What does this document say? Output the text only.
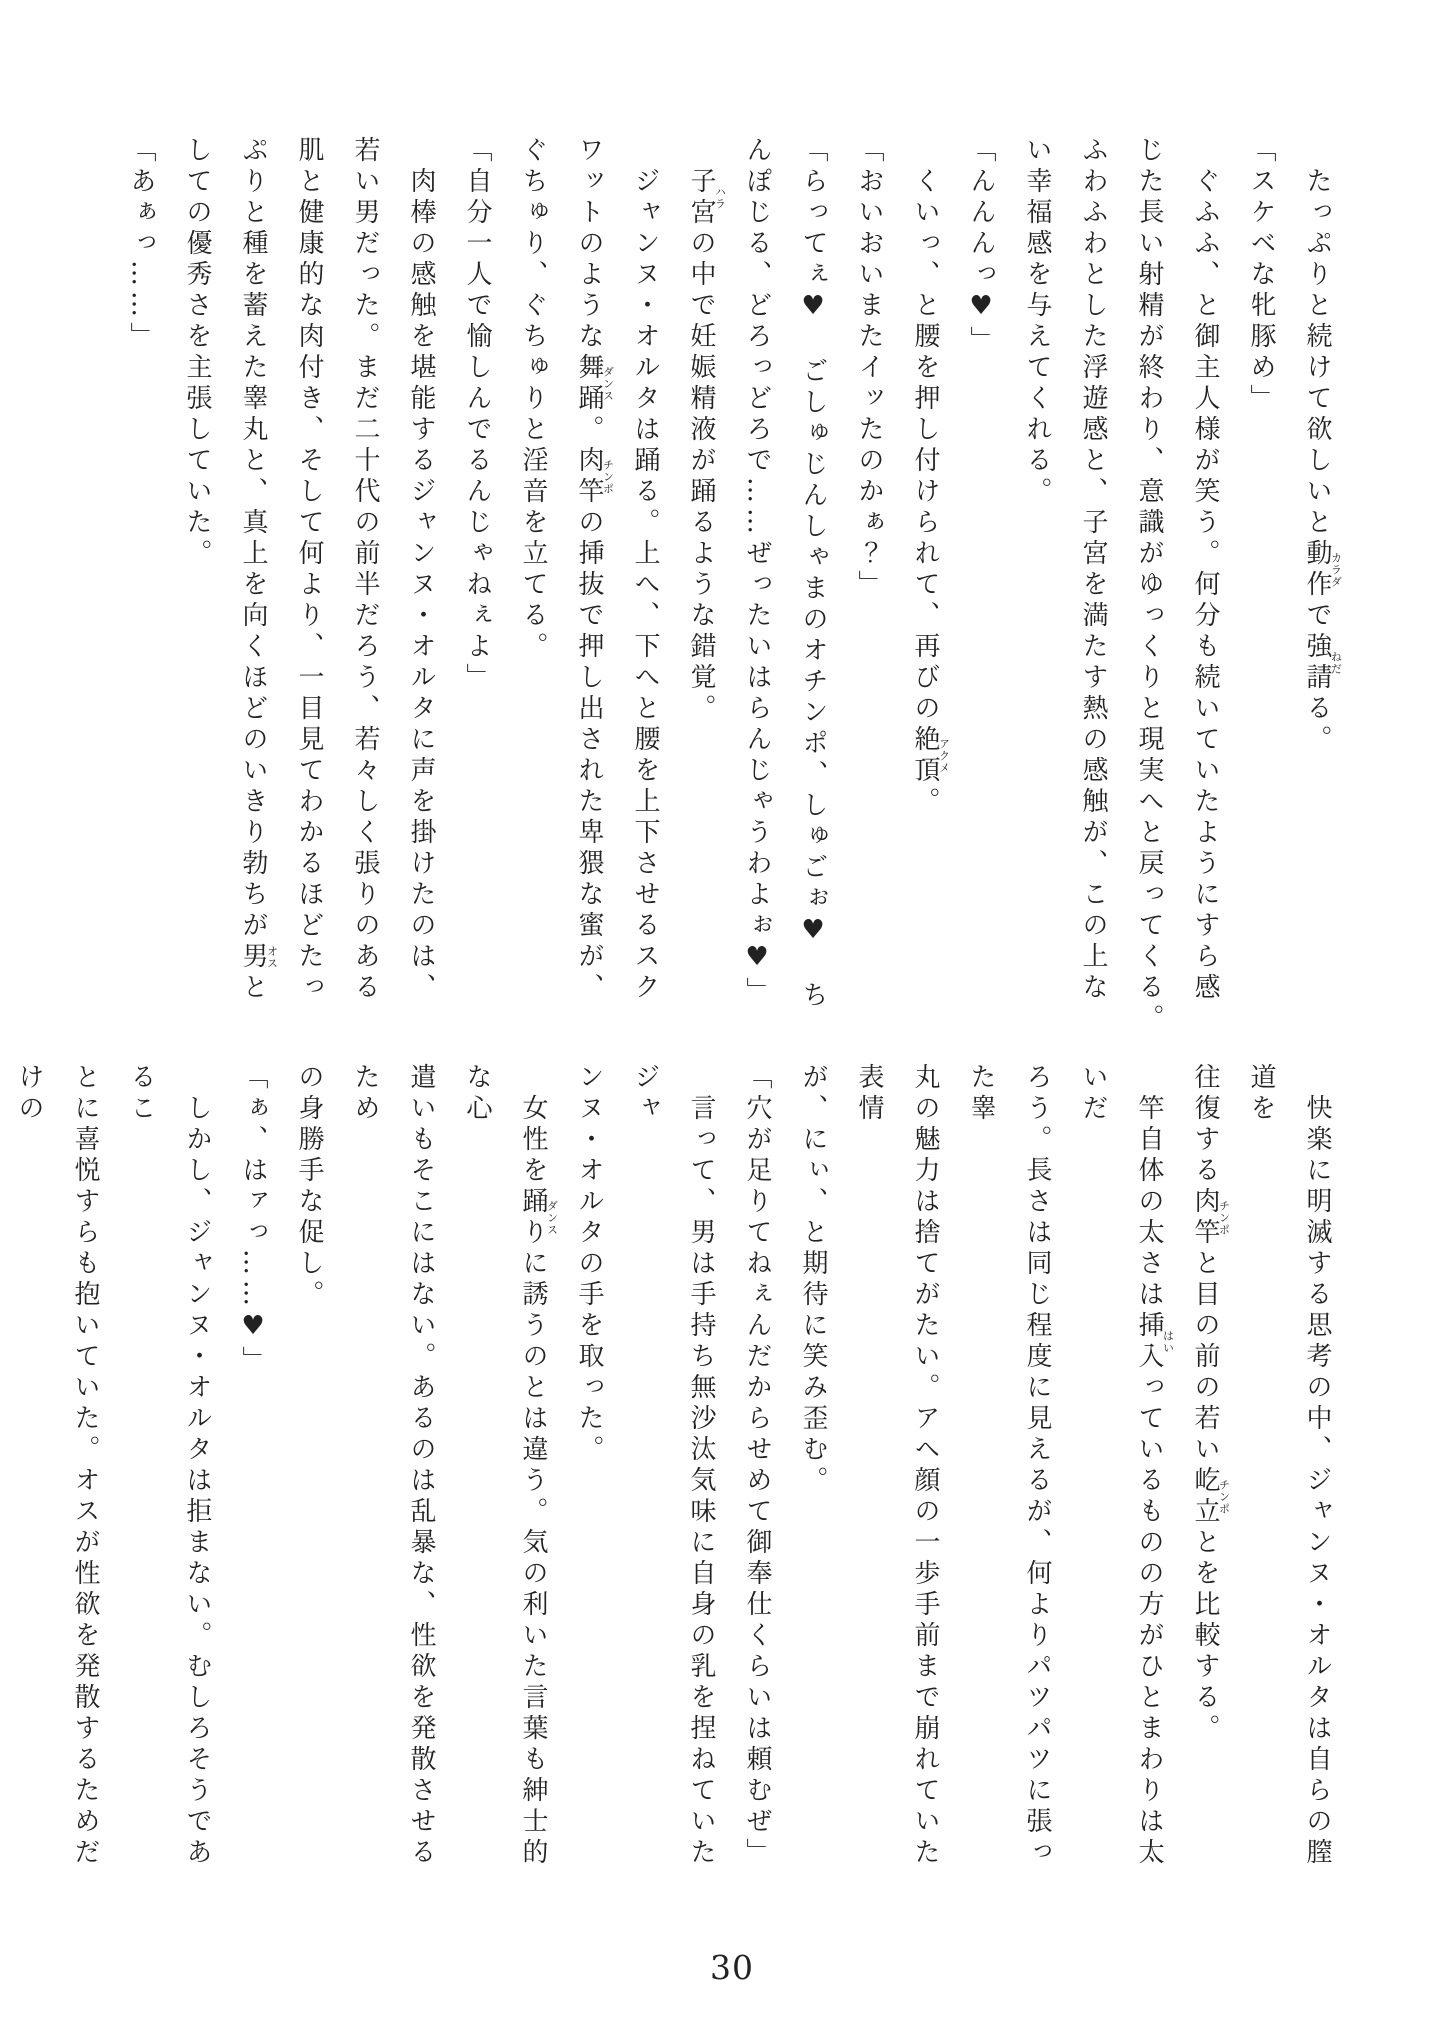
たっぷりと続けて欲しいと動作カラダで強請ねだる。

「スケベな牝豚め」

ぐふふ、と御主人様が笑う。何分も続いていたようにすら感

じた長い射精が終わり、意識がゆっくりと現実へと戻ってくる。

ふわふわとした浮遊感と、子宮を満たす熱の感触が、この上な

い幸福感を与えてくれる。

「んんんっ♥」

くいっ、と腰を押し付けられて、再びの絶頂アクメ。

「おいおいまたイッたのかぁ？」

「らってぇ♥　ごしゅじんしゃまのオチンポ、しゅごぉ♥　ち

んぽじる、どろっどろで……ぜったいはらんじゃうわよぉ♥」

子宮ハラの中で妊娠精液が踊るような錯覚。

ジャンヌ・オルタは踊る。上へ、下へと腰を上下させるスク

ワットのような舞踊ダンス。肉竿チンポの挿抜で押し出された卑猥な蜜が、

ぐちゅり、ぐちゅりと淫音を立てる。

「自分一人で愉しんでるんじゃねぇよ」

肉棒の感触を堪能するジャンヌ・オルタに声を掛けたのは、

若い男だった。まだ二十代の前半だろう、若々しく張りのある

肌と健康的な肉付き、そして何より、一目見てわかるほどたっ

ぷりと種を蓄えた睾丸と、真上を向くほどのいきり勃ちが男オスと

しての優秀さを主張していた。

「あぁっ……」

快楽に明滅する思考の中、ジャンヌ・オルタは自らの膣道を

往復する肉竿チンポと目の前の若い屹立チンポとを比較する。

竿自体の太さは挿入はいっているものの方がひとまわりは太いだ

ろう。長さは同じ程度に見えるが、何よりパツパツに張った睾

丸の魅力は捨てがたい。アヘ顔の一歩手前まで崩れていた表情

が、にぃ、と期待に笑み歪む。

「穴が足りてねぇんだからせめて御奉仕くらいは頼むぜ」

言って、男は手持ち無沙汰気味に自身の乳を捏ねていたジャ

ンヌ・オルタの手を取った。

女性を踊りダンスに誘うのとは違う。気の利いた言葉も紳士的な心

遣いもそこにはない。あるのは乱暴な、性欲を発散させるため

の身勝手な促し。

「ぁ、はァっ……♥」

しかし、ジャンヌ・オルタは拒まない。むしろそうであるこ

とに喜悦すらも抱いていた。オスが性欲を発散するためだけの

30
